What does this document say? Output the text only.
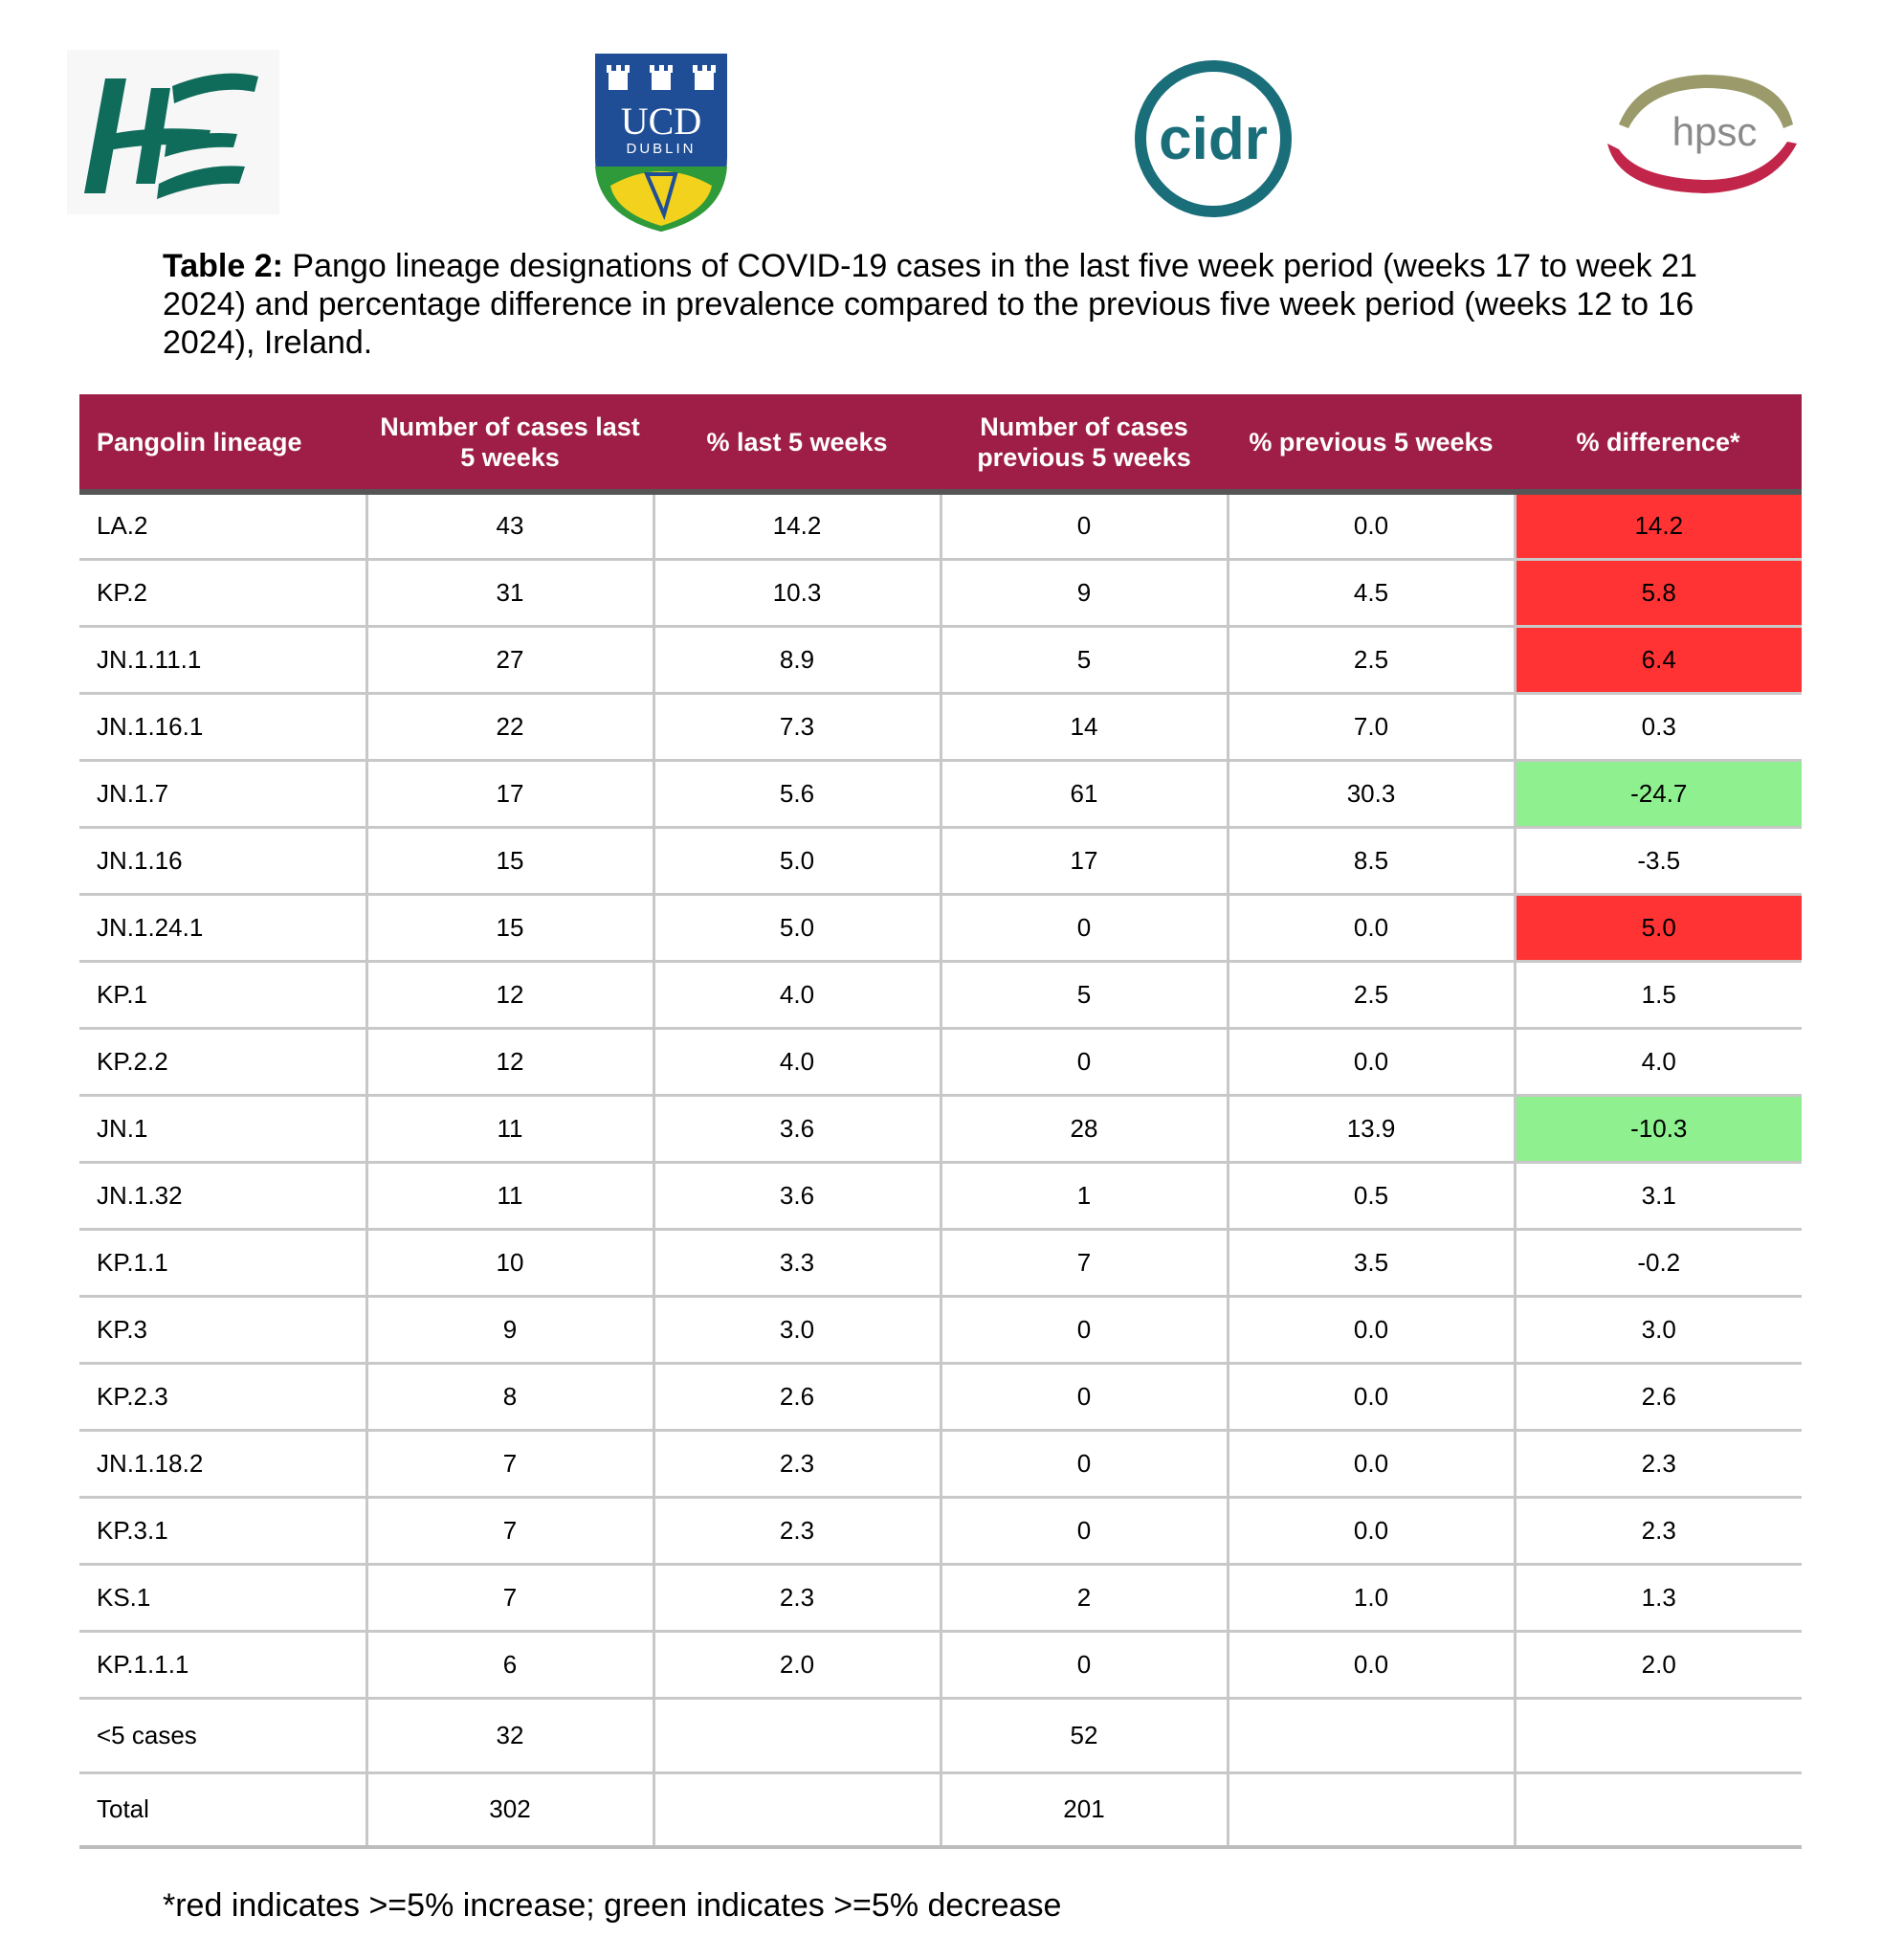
UCD
DUBLIN	cidr	hpsc
Table 2: Pango lineage designations of COVID-19 cases in the last five week period (weeks 17 to week 21 2024) and percentage difference in prevalence compared to the previous five week period (weeks 12 to 16 2024), Ireland.
Pangolin lineage	Number of cases last 5 weeks	% last 5 weeks	Number of cases previous 5 weeks	% previous 5 weeks	% difference*
LA.2	43	14.2	0	0.0	14.2
KP.2	31	10.3	9	4.5	5.8
JN.1.11.1	27	8.9	5	2.5	6.4
JN.1.16.1	22	7.3	14	7.0	0.3
JN.1.7	17	5.6	61	30.3	-24.7
JN.1.16	15	5.0	17	8.5	-3.5
JN.1.24.1	15	5.0	0	0.0	5.0
KP.1	12	4.0	5	2.5	1.5
KP.2.2	12	4.0	0	0.0	4.0
JN.1	11	3.6	28	13.9	-10.3
JN.1.32	11	3.6	1	0.5	3.1
KP.1.1	10	3.3	7	3.5	-0.2
KP.3	9	3.0	0	0.0	3.0
KP.2.3	8	2.6	0	0.0	2.6
JN.1.18.2	7	2.3	0	0.0	2.3
KP.3.1	7	2.3	0	0.0	2.3
KS.1	7	2.3	2	1.0	1.3
KP.1.1.1	6	2.0	0	0.0	2.0
<5 cases	32		52		
Total	302		201		
*red indicates >=5% increase; green indicates >=5% decrease
